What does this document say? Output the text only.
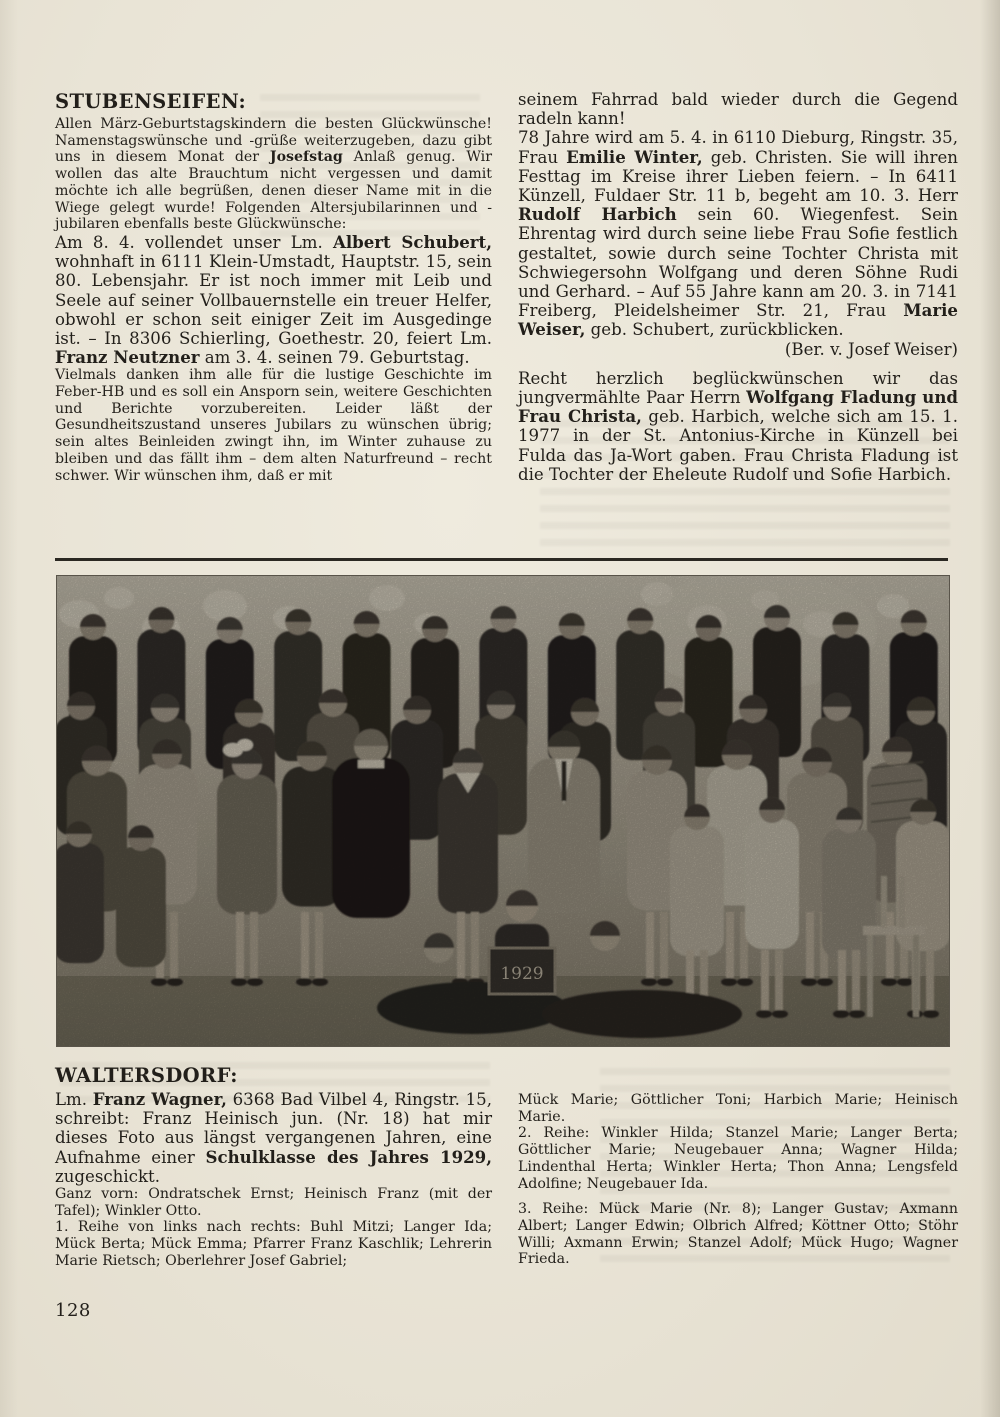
STUBENSEIFEN:

Allen März-Geburtstagskindern die besten Glückwünsche! Namenstagswünsche und -grüße weiterzugeben, dazu gibt uns in diesem Monat der Josefstag Anlaß genug. Wir wollen das alte Brauchtum nicht vergessen und damit möchte ich alle begrüßen, denen dieser Name mit in die Wiege gelegt wurde! Folgenden Altersjubilarinnen und -jubilaren ebenfalls beste Glückwünsche:

Am 8. 4. vollendet unser Lm. Albert Schubert, wohnhaft in 6111 Klein-Umstadt, Hauptstr. 15, sein 80. Lebensjahr. Er ist noch immer mit Leib und Seele auf seiner Vollbauernstelle ein treuer Helfer, obwohl er schon seit einiger Zeit im Ausgedinge ist. – In 8306 Schierling, Goethestr. 20, feiert Lm. Franz Neutzner am 3. 4. seinen 79. Geburtstag.

Vielmals danken ihm alle für die lustige Geschichte im Feber-HB und es soll ein Ansporn sein, weitere Geschichten und Berichte vorzubereiten. Leider läßt der Gesundheitszustand unseres Jubilars zu wünschen übrig; sein altes Beinleiden zwingt ihn, im Winter zuhause zu bleiben und das fällt ihm – dem alten Naturfreund – recht schwer. Wir wünschen ihm, daß er mit

seinem Fahrrad bald wieder durch die Gegend radeln kann!

78 Jahre wird am 5. 4. in 6110 Dieburg, Ringstr. 35, Frau Emilie Winter, geb. Christen. Sie will ihren Festtag im Kreise ihrer Lieben feiern. – In 6411 Künzell, Fuldaer Str. 11 b, begeht am 10. 3. Herr Rudolf Harbich sein 60. Wiegenfest. Sein Ehrentag wird durch seine liebe Frau Sofie festlich gestaltet, sowie durch seine Tochter Christa mit Schwiegersohn Wolfgang und deren Söhne Rudi und Gerhard. – Auf 55 Jahre kann am 20. 3. in 7141 Freiberg, Pleidelsheimer Str. 21, Frau Marie Weiser, geb. Schubert, zurückblicken.

(Ber. v. Josef Weiser)

Recht herzlich beglückwünschen wir das jungvermählte Paar Herrn Wolfgang Fladung und Frau Christa, geb. Harbich, welche sich am 15. 1. 1977 in der St. Antonius-Kirche in Künzell bei Fulda das Ja-Wort gaben. Frau Christa Fladung ist die Tochter der Eheleute Rudolf und Sofie Harbich.

1929
WALTERSDORF:

Lm. Franz Wagner, 6368 Bad Vilbel 4, Ringstr. 15, schreibt: Franz Heinisch jun. (Nr. 18) hat mir dieses Foto aus längst vergangenen Jahren, eine Aufnahme einer Schulklasse des Jahres 1929, zugeschickt.

Ganz vorn: Ondratschek Ernst; Heinisch Franz (mit der Tafel); Winkler Otto.

1. Reihe von links nach rechts: Buhl Mitzi; Langer Ida; Mück Berta; Mück Emma; Pfarrer Franz Kaschlik; Lehrerin Marie Rietsch; Oberlehrer Josef Gabriel;

Mück Marie; Göttlicher Toni; Harbich Marie; Heinisch Marie.

2. Reihe: Winkler Hilda; Stanzel Marie; Langer Berta; Göttlicher Marie; Neugebauer Anna; Wagner Hilda; Lindenthal Herta; Winkler Herta; Thon Anna; Lengsfeld Adolfine; Neugebauer Ida.

3. Reihe: Mück Marie (Nr. 8); Langer Gustav; Axmann Albert; Langer Edwin; Olbrich Alfred; Köttner Otto; Stöhr Willi; Axmann Erwin; Stanzel Adolf; Mück Hugo; Wagner Frieda.

128
